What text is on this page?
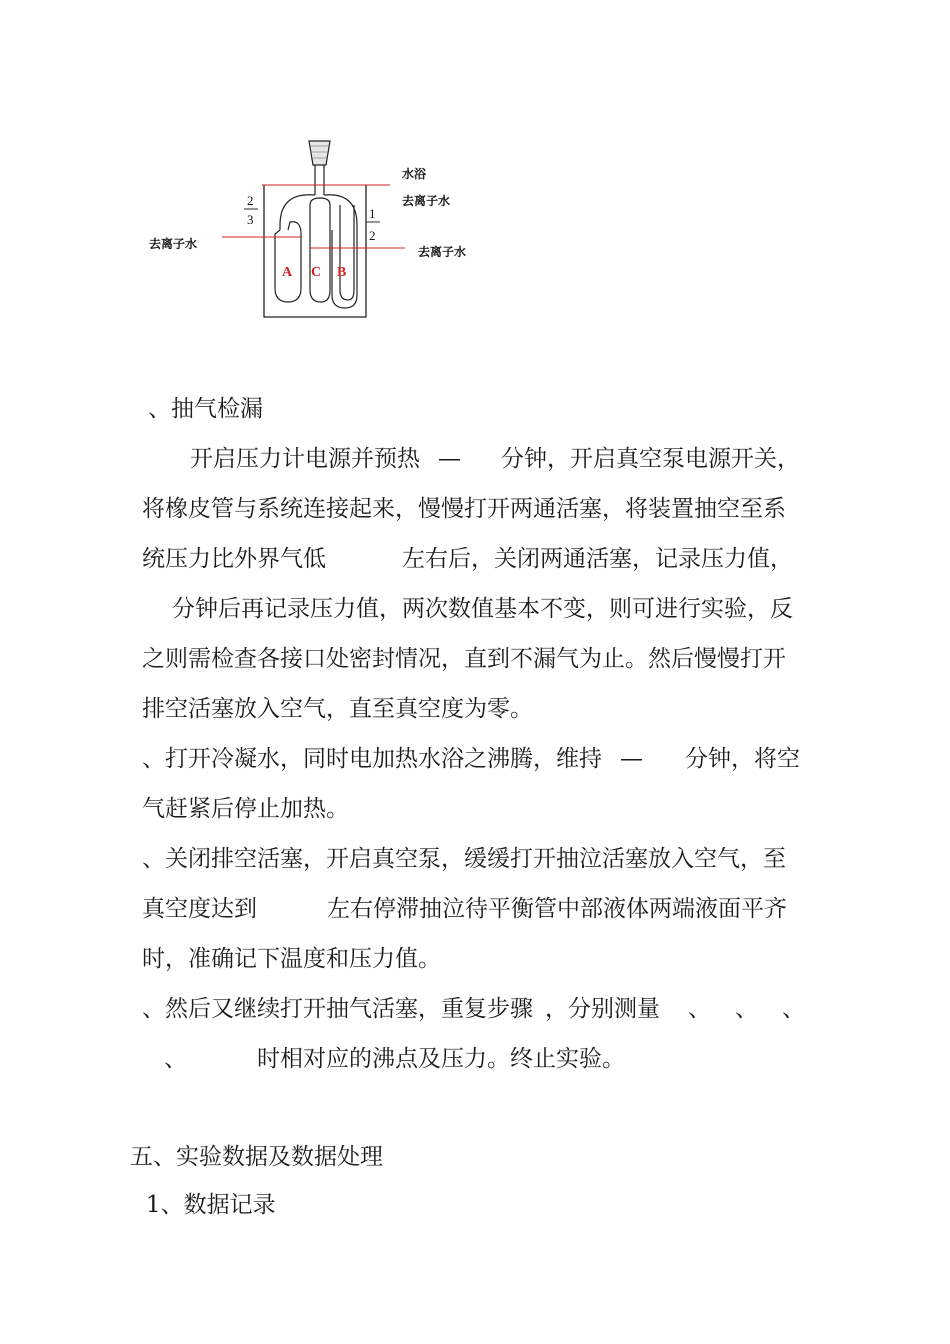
2
3	1
2
A C B
水浴
去离子水
去离子水
去离子水
、抽气检漏
开启压力计电源并预热 — 分钟，开启真空泵电源开关，
将橡皮管与系统连接起来，慢慢打开两通活塞，将装置抽空至系
统压力比外界气低	左右后，关闭两通活塞，记录压力值，
分钟后再记录压力值，两次数值基本不变，则可进行实验，反
之则需检查各接口处密封情况，直到不漏气为止。然后慢慢打开
排空活塞放入空气，直至真空度为零。
、打开冷凝水，同时电加热水浴之沸腾，维持 — 分钟，将空
气赶紧后停止加热。
、关闭排空活塞，开启真空泵，缓缓打开抽泣活塞放入空气，至
真空度达到	左右停滞抽泣待平衡管中部液体两端液面平齐
时，准确记下温度和压力值。
、然后又继续打开抽气活塞，重复步骤 ，分别测量 、 、 、
、	时相对应的沸点及压力。终止实验。
五、实验数据及数据处理
1、数据记录
